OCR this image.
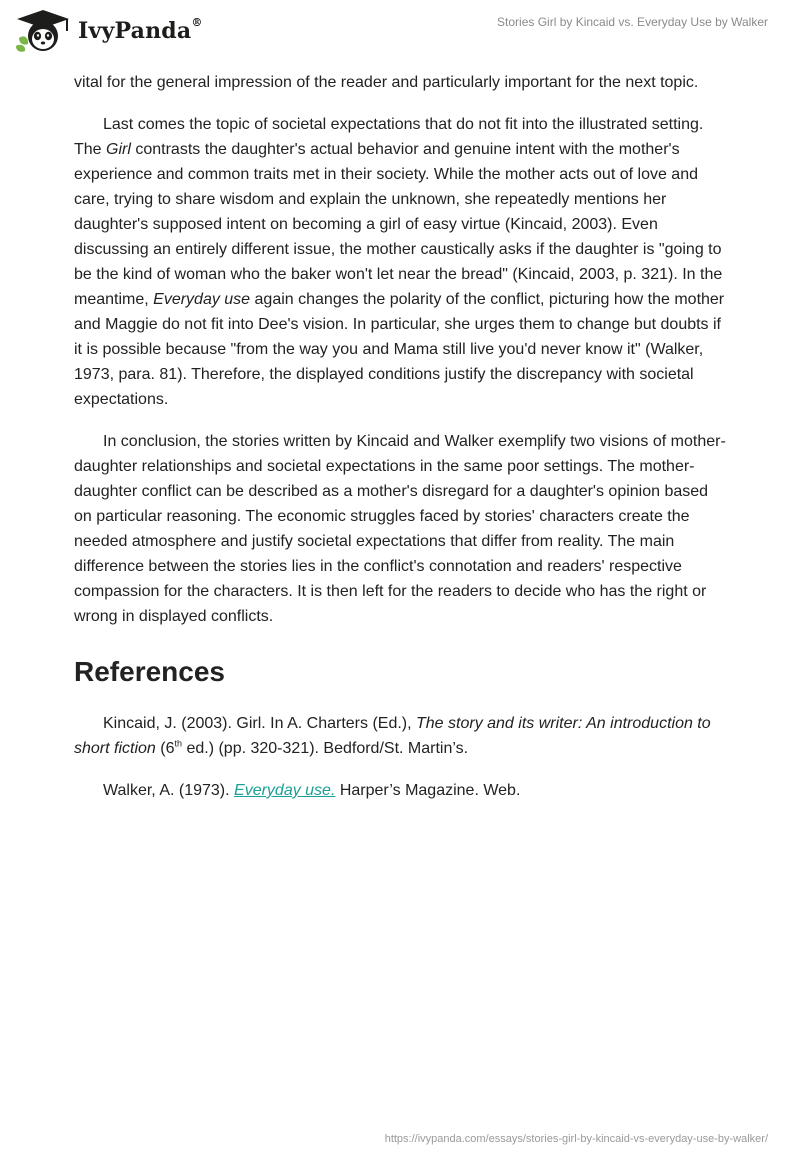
IvyPanda®	Stories Girl by Kincaid vs. Everyday Use by Walker

vital for the general impression of the reader and particularly important for the next topic.

Last comes the topic of societal expectations that do not fit into the illustrated setting. The Girl contrasts the daughter's actual behavior and genuine intent with the mother's experience and common traits met in their society. While the mother acts out of love and care, trying to share wisdom and explain the unknown, she repeatedly mentions her daughter's supposed intent on becoming a girl of easy virtue (Kincaid, 2003). Even discussing an entirely different issue, the mother caustically asks if the daughter is "going to be the kind of woman who the baker won't let near the bread" (Kincaid, 2003, p. 321). In the meantime, Everyday use again changes the polarity of the conflict, picturing how the mother and Maggie do not fit into Dee's vision. In particular, she urges them to change but doubts if it is possible because "from the way you and Mama still live you'd never know it" (Walker, 1973, para. 81). Therefore, the displayed conditions justify the discrepancy with societal expectations.

In conclusion, the stories written by Kincaid and Walker exemplify two visions of mother-daughter relationships and societal expectations in the same poor settings. The mother-daughter conflict can be described as a mother's disregard for a daughter's opinion based on particular reasoning. The economic struggles faced by stories' characters create the needed atmosphere and justify societal expectations that differ from reality. The main difference between the stories lies in the conflict's connotation and readers' respective compassion for the characters. It is then left for the readers to decide who has the right or wrong in displayed conflicts.

References

Kincaid, J. (2003). Girl. In A. Charters (Ed.), The story and its writer: An introduction to short fiction (6th ed.) (pp. 320-321). Bedford/St. Martin’s.

Walker, A. (1973). Everyday use. Harper’s Magazine. Web.

https://ivypanda.com/essays/stories-girl-by-kincaid-vs-everyday-use-by-walker/
